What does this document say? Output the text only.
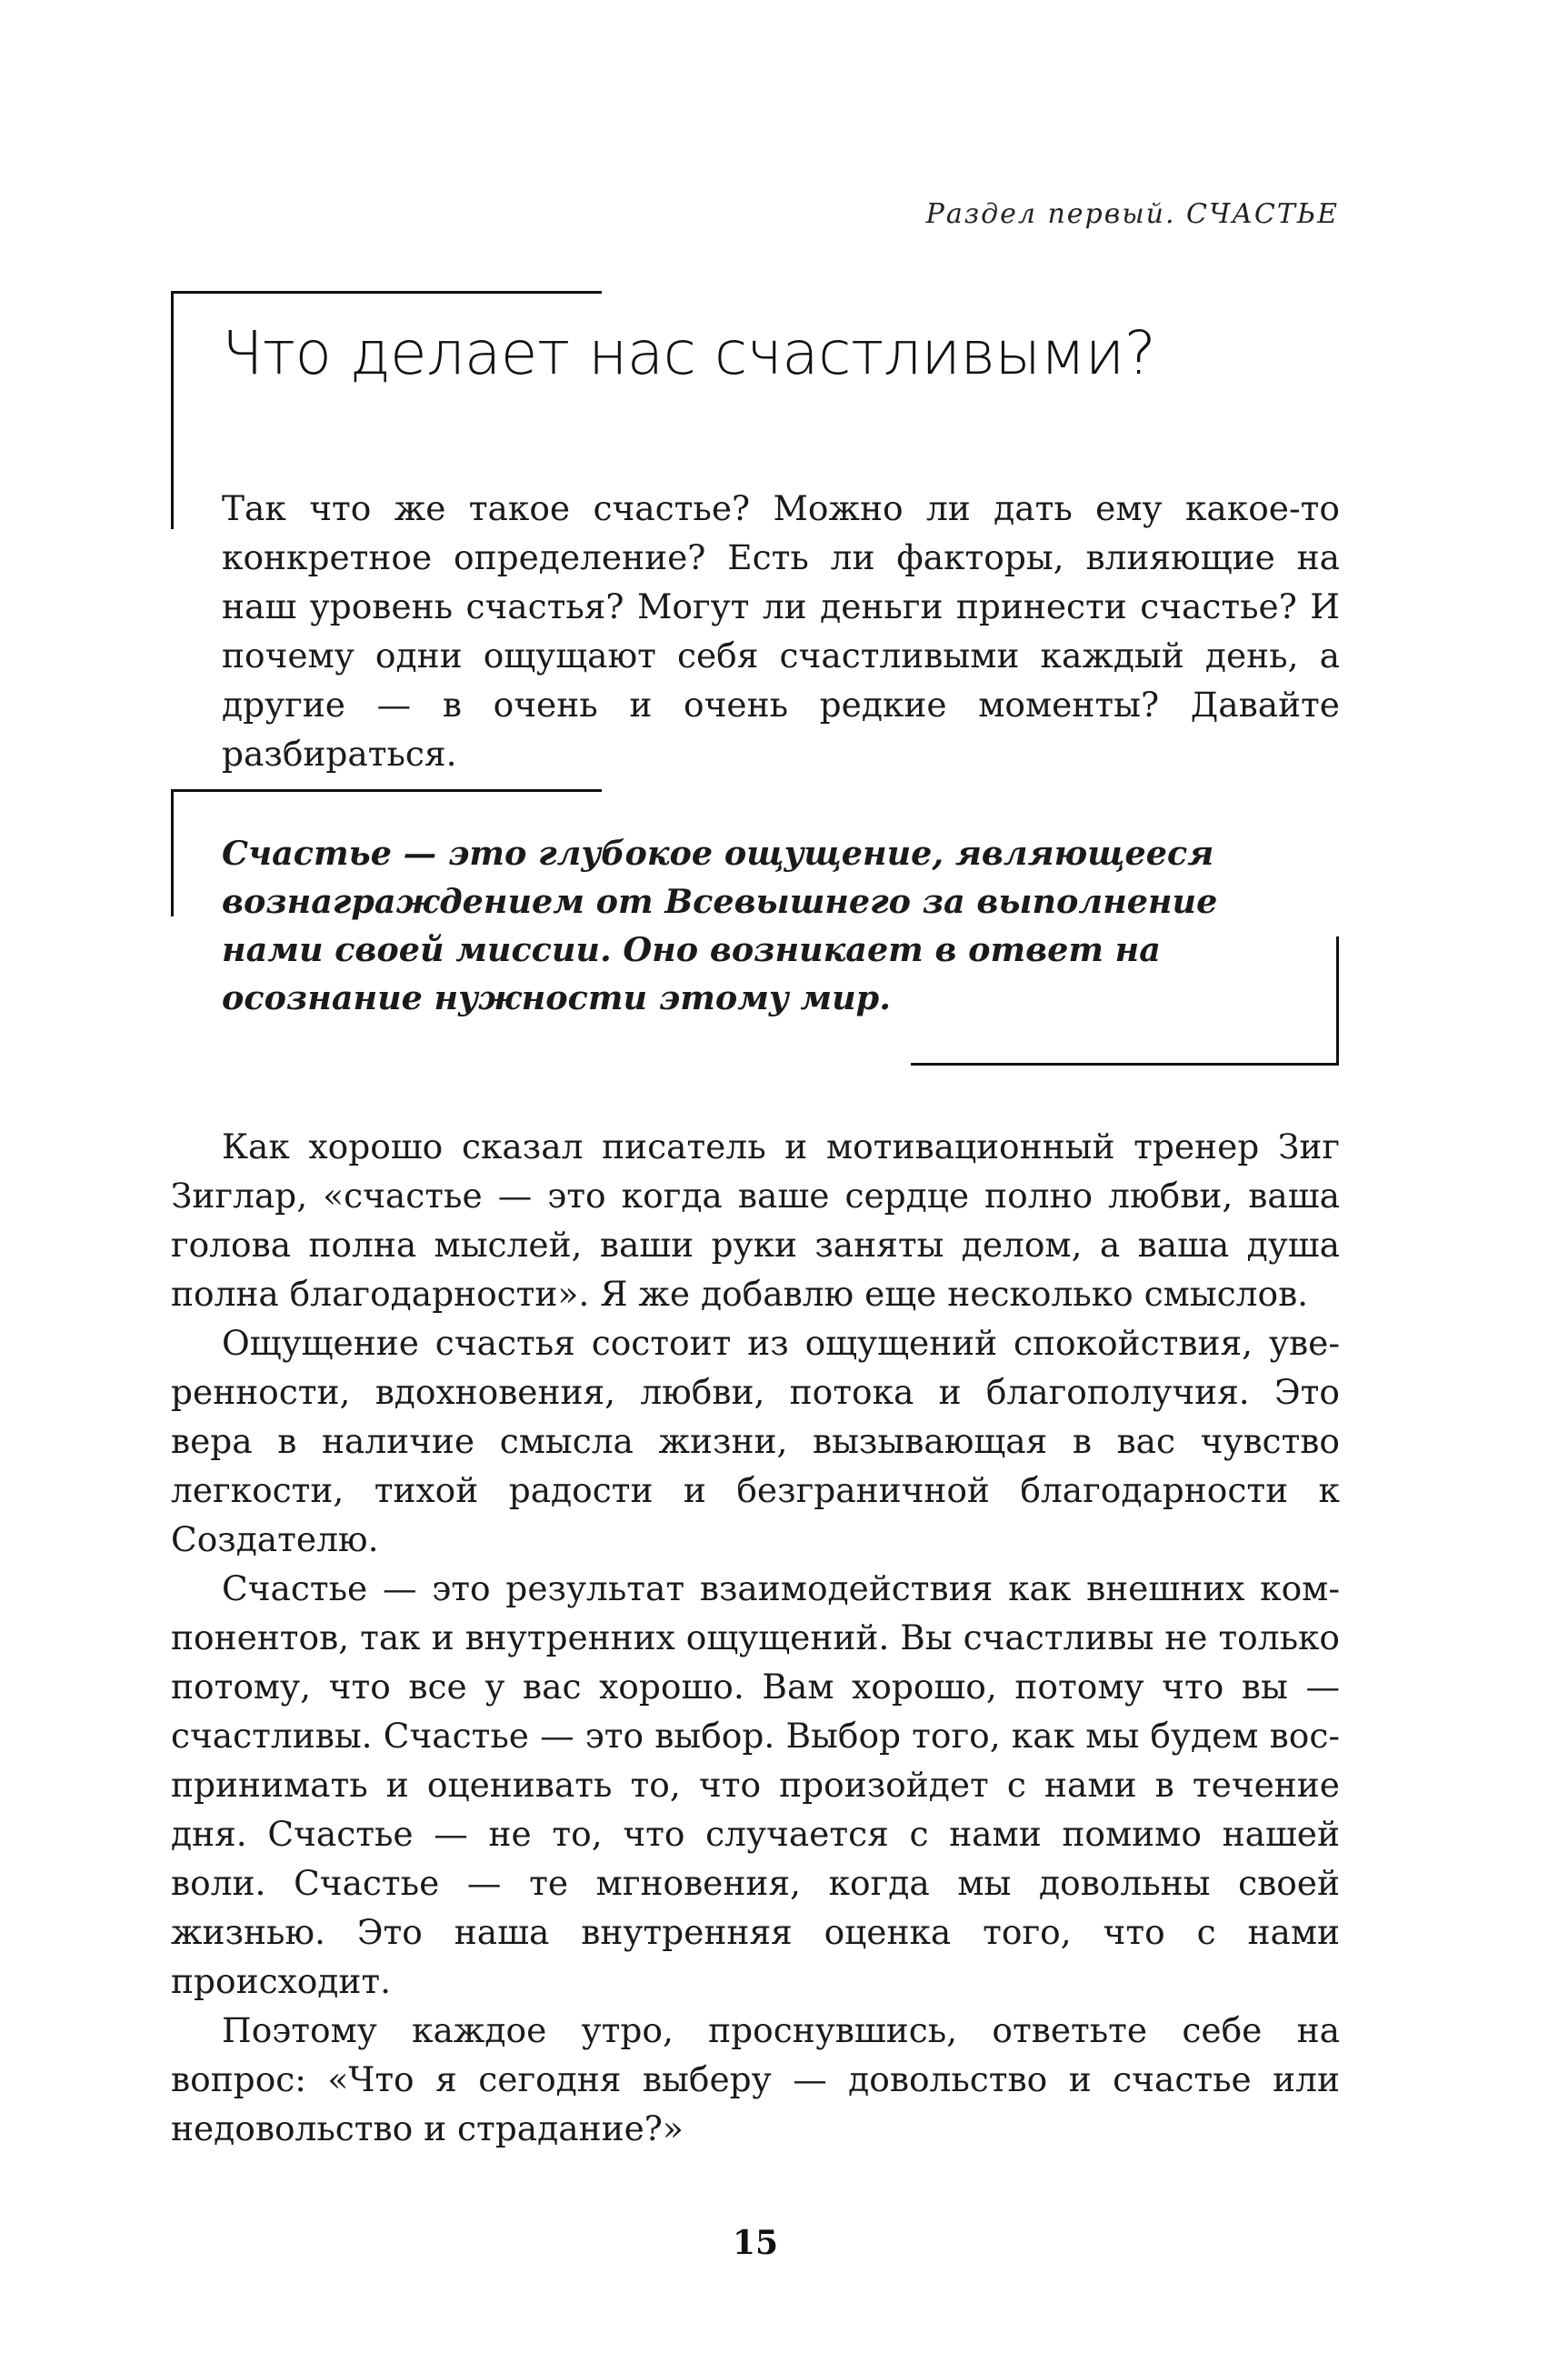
Раздел первый. СЧАСТЬЕ
Что делает нас счастливыми?

Так что же такое счастье? Можно ли дать ему какое-то конкретное определение? Есть ли факторы, влияющие на наш уровень счастья? Могут ли деньги принести счастье? И почему одни ощущают себя счастливыми каждый день, а другие — в очень и очень редкие моменты? Давайте разбираться.

Счастье — это глубокое ощущение, являющееся вознаграждением от Всевышнего за выполнение нами своей миссии. Оно возникает в ответ на осознание нужности этому мир.

Как хорошо сказал писатель и мотивационный тренер Зиг Зиглар, «счастье — это когда ваше сердце полно любви, ваша голова полна мыслей, ваши руки заняты делом, а ваша душа полна благодарности». Я же добавлю еще несколько смыслов.

Ощущение счастья состоит из ощущений спокойствия, уверенности, вдохновения, любви, потока и благополучия. Это вера в наличие смысла жизни, вызывающая в вас чувство легкости, тихой радости и безграничной благодарности к Создателю.

Счастье — это результат взаимодействия как внешних компонентов, так и внутренних ощущений. Вы счастливы не только потому, что все у вас хорошо. Вам хорошо, потому что вы — счастливы. Счастье — это выбор. Выбор того, как мы будем воспринимать и оценивать то, что произойдет с нами в течение дня. Счастье — не то, что случается с нами помимо нашей воли. Счастье — те мгновения, когда мы довольны своей жизнью. Это наша внутренняя оценка того, что с нами происходит.

Поэтому каждое утро, проснувшись, ответьте себе на вопрос: «Что я сегодня выберу — довольство и счастье или недовольство и страдание?»

15
